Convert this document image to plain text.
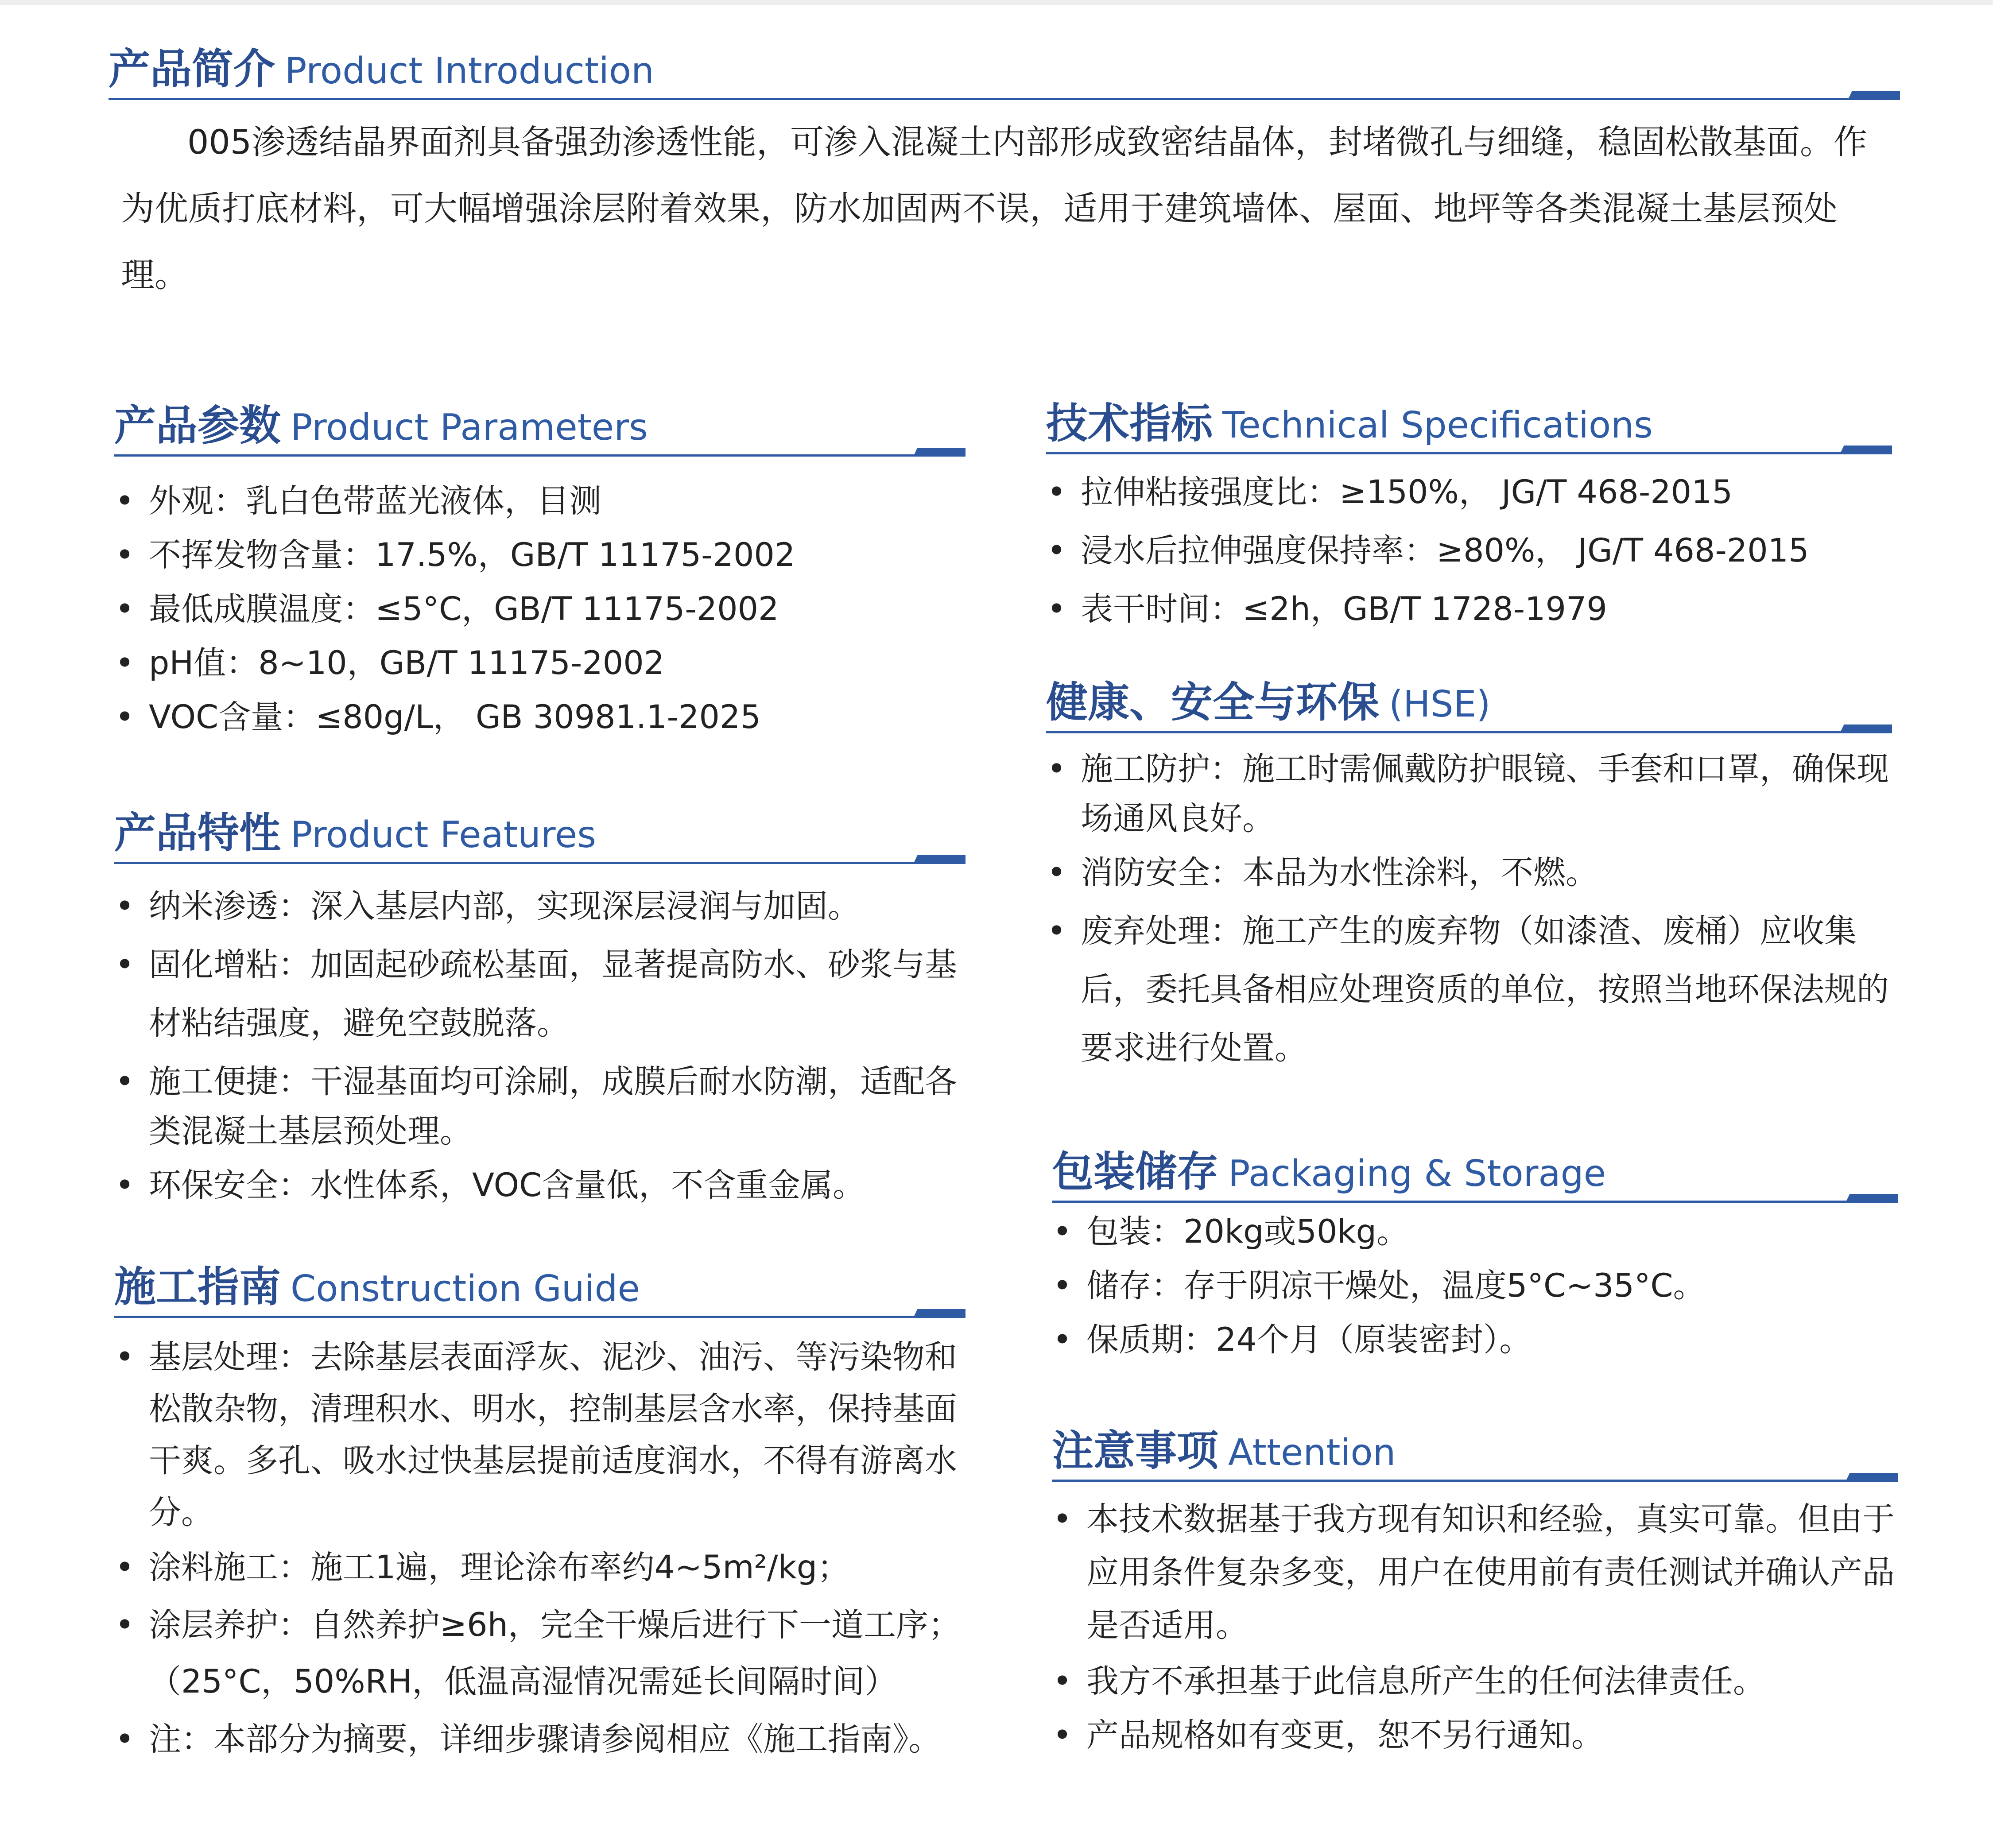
产品简介 Product Introduction
005渗透结晶界面剂具备强劲渗透性能，可渗入混凝土内部形成致密结晶体，封堵微孔与细缝，稳固松散基面。作为优质打底材料，可大幅增强涂层附着效果，防水加固两不误，适用于建筑墙体、屋面、地坪等各类混凝土基层预处理。
产品参数 Product Parameters
• 外观：乳白色带蓝光液体，目测
• 不挥发物含量：17.5%，GB/T 11175-2002
• 最低成膜温度：≤5°C，GB/T 11175-2002
• pH值：8~10，GB/T 11175-2002
• VOC含量：≤80g/L， GB 30981.1-2025
产品特性 Product Features
• 纳米渗透：深入基层内部，实现深层浸润与加固。
• 固化增粘：加固起砂疏松基面，显著提高防水、砂浆与基材粘结强度，避免空鼓脱落。
• 施工便捷：干湿基面均可涂刷，成膜后耐水防潮，适配各类混凝土基层预处理。
• 环保安全：水性体系，VOC含量低，不含重金属。
施工指南 Construction Guide
• 基层处理：去除基层表面浮灰、泥沙、油污、等污染物和松散杂物，清理积水、明水，控制基层含水率，保持基面干爽。多孔、吸水过快基层提前适度润水，不得有游离水分。
• 涂料施工：施工1遍，理论涂布率约4~5m²/kg；
• 涂层养护：自然养护≥6h，完全干燥后进行下一道工序；（25°C，50%RH，低温高湿情况需延长间隔时间）
• 注：本部分为摘要，详细步骤请参阅相应《施工指南》。
技术指标 Technical Specifications
• 拉伸粘接强度比：≥150%， JG/T 468-2015
• 浸水后拉伸强度保持率：≥80%， JG/T 468-2015
• 表干时间：≤2h，GB/T 1728-1979
健康、安全与环保 (HSE)
• 施工防护：施工时需佩戴防护眼镜、手套和口罩，确保现场通风良好。
• 消防安全：本品为水性涂料，不燃。
• 废弃处理：施工产生的废弃物（如漆渣、废桶）应收集后，委托具备相应处理资质的单位，按照当地环保法规的要求进行处置。
包装储存 Packaging & Storage
• 包装：20kg或50kg。
• 储存：存于阴凉干燥处，温度5°C~35°C。
• 保质期：24个月（原装密封）。
注意事项 Attention
• 本技术数据基于我方现有知识和经验，真实可靠。但由于应用条件复杂多变，用户在使用前有责任测试并确认产品是否适用。
• 我方不承担基于此信息所产生的任何法律责任。
• 产品规格如有变更，恕不另行通知。
